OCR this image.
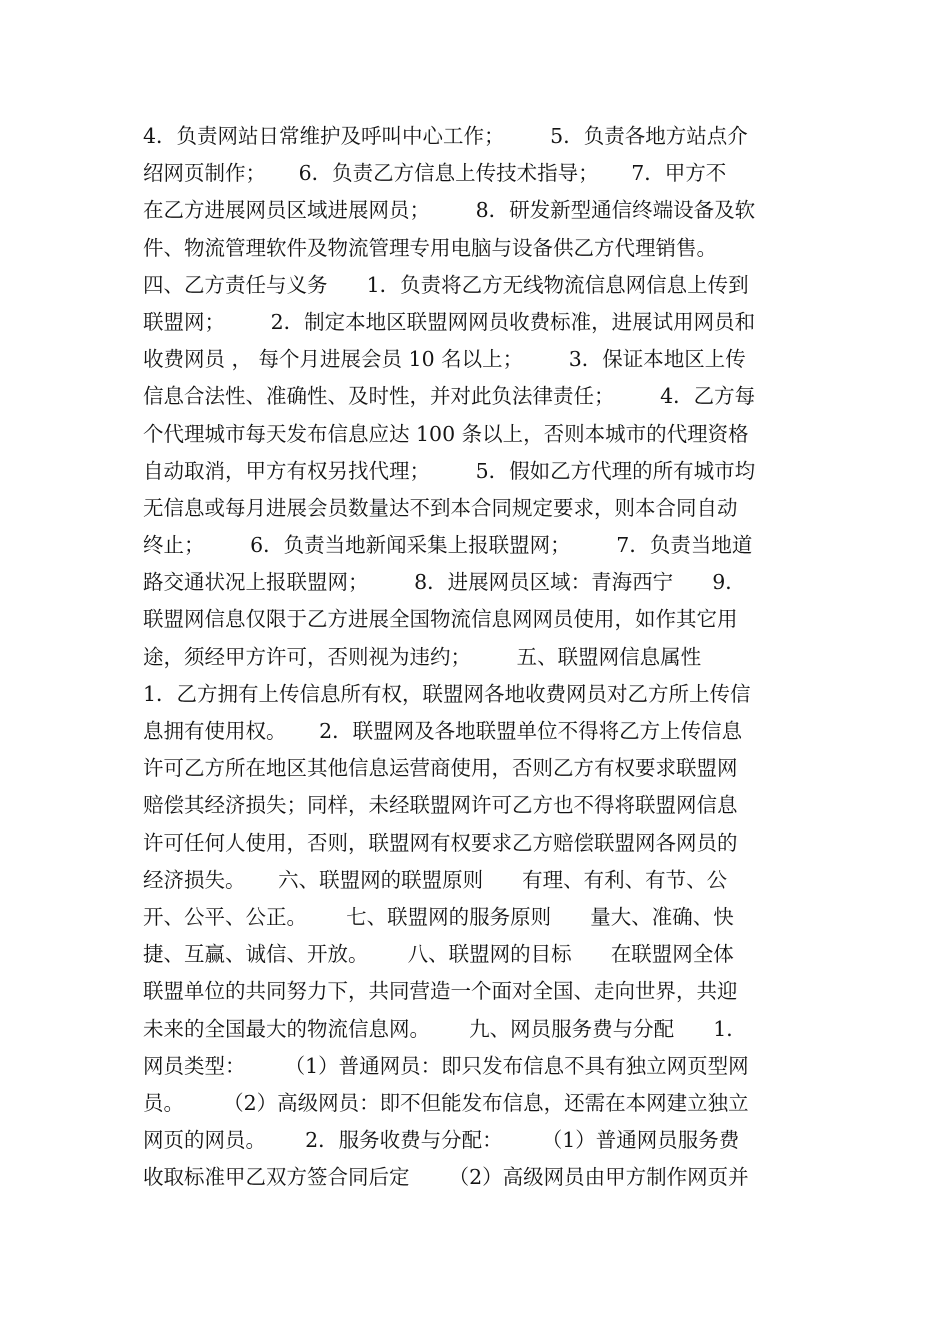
4．负责网站日常维护及呼叫中心工作；       5．负责各地方站点介
绍网页制作；     6．负责乙方信息上传技术指导；     7．甲方不
在乙方进展网员区域进展网员；       8．研发新型通信终端设备及软
件、物流管理软件及物流管理专用电脑与设备供乙方代理销售。
四、乙方责任与义务      1．负责将乙方无线物流信息网信息上传到
联盟网；       2．制定本地区联盟网网员收费标准，进展试用网员和
收费网员 ， 每个月进展会员 10 名以上；       3．保证本地区上传
信息合法性、准确性、及时性，并对此负法律责任；       4．乙方每
个代理城市每天发布信息应达 100 条以上，否则本城市的代理资格
自动取消，甲方有权另找代理；       5．假如乙方代理的所有城市均
无信息或每月进展会员数量达不到本合同规定要求，则本合同自动
终止；       6．负责当地新闻采集上报联盟网；       7．负责当地道
路交通状况上报联盟网；       8．进展网员区域：青海西宁      9．
联盟网信息仅限于乙方进展全国物流信息网网员使用，如作其它用
途，须经甲方许可，否则视为违约；       五、联盟网信息属性
1．乙方拥有上传信息所有权，联盟网各地收费网员对乙方所上传信
息拥有使用权。     2．联盟网及各地联盟单位不得将乙方上传信息
许可乙方所在地区其他信息运营商使用，否则乙方有权要求联盟网
赔偿其经济损失；同样，未经联盟网许可乙方也不得将联盟网信息
许可任何人使用，否则，联盟网有权要求乙方赔偿联盟网各网员的
经济损失。     六、联盟网的联盟原则      有理、有利、有节、公
开、公平、公正。      七、联盟网的服务原则      量大、准确、快
捷、互赢、诚信、开放。      八、联盟网的目标      在联盟网全体
联盟单位的共同努力下，共同营造一个面对全国、走向世界，共迎
未来的全国最大的物流信息网。      九、网员服务费与分配      1．
网员类型：      （1）普通网员：即只发布信息不具有独立网页型网
员。      （2）高级网员：即不但能发布信息，还需在本网建立独立
网页的网员。      2．服务收费与分配：      （1）普通网员服务费
收取标准甲乙双方签合同后定      （2）高级网员由甲方制作网页并
